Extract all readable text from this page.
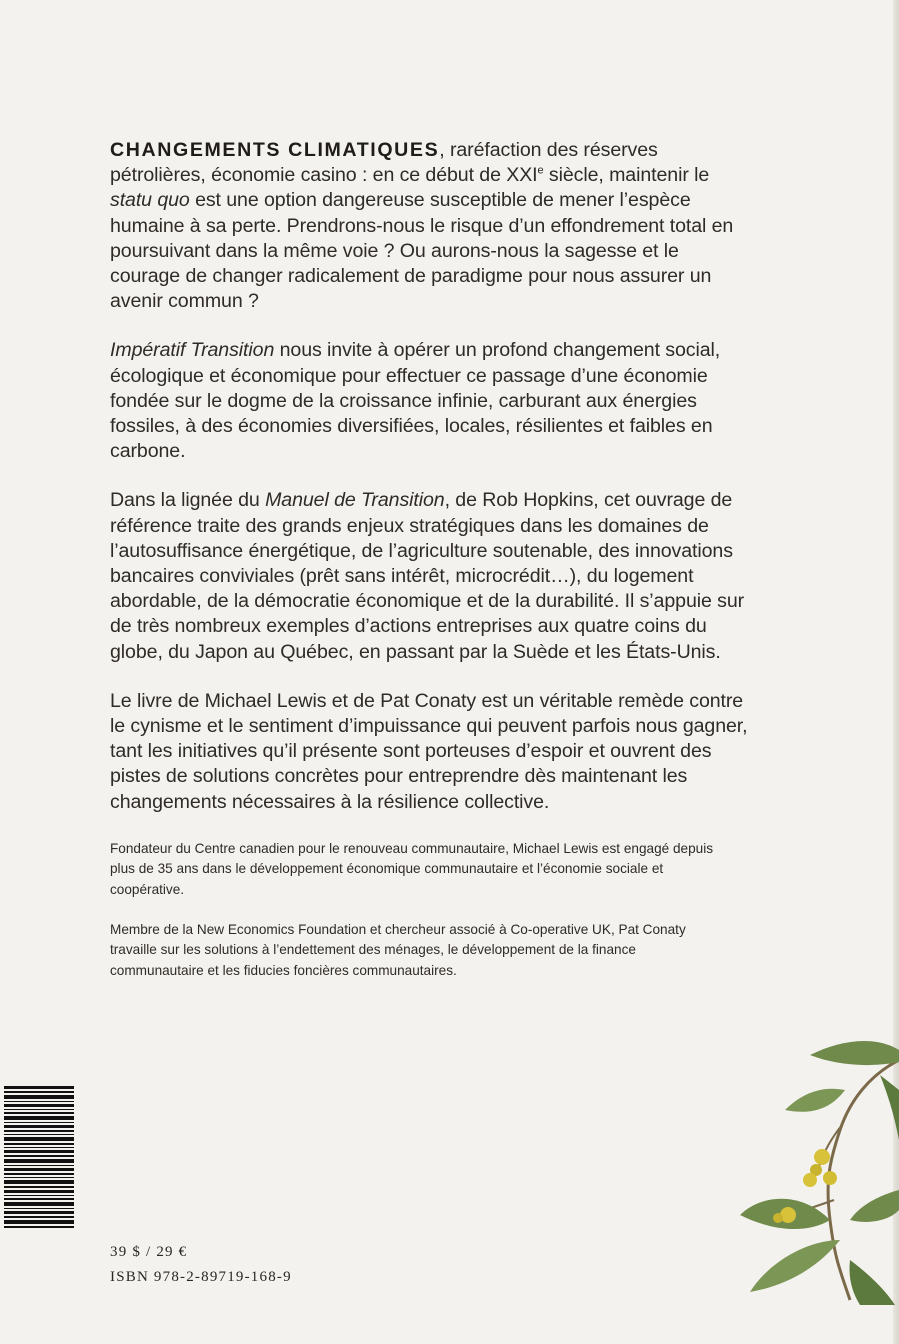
CHANGEMENTS CLIMATIQUES, raréfaction des réserves pétrolières, économie casino : en ce début de XXIe siècle, maintenir le statu quo est une option dangereuse susceptible de mener l’espèce humaine à sa perte. Prendrons-nous le risque d’un effondrement total en poursuivant dans la même voie ? Ou aurons-nous la sagesse et le courage de changer radicalement de paradigme pour nous assurer un avenir commun ?

Impératif Transition nous invite à opérer un profond changement social, écologique et économique pour effectuer ce passage d’une économie fondée sur le dogme de la croissance infinie, carburant aux énergies fossiles, à des économies diversifiées, locales, résilientes et faibles en carbone.

Dans la lignée du Manuel de Transition, de Rob Hopkins, cet ouvrage de référence traite des grands enjeux stratégiques dans les domaines de l’autosuffisance énergétique, de l’agriculture soutenable, des innovations bancaires conviviales (prêt sans intérêt, microcrédit…), du logement abordable, de la démocratie économique et de la durabilité. Il s’appuie sur de très nombreux exemples d’actions entreprises aux quatre coins du globe, du Japon au Québec, en passant par la Suède et les États-Unis.

Le livre de Michael Lewis et de Pat Conaty est un véritable remède contre le cynisme et le sentiment d’impuissance qui peuvent parfois nous gagner, tant les initiatives qu’il présente sont porteuses d’espoir et ouvrent des pistes de solutions concrètes pour entreprendre dès maintenant les changements nécessaires à la résilience collective.

Fondateur du Centre canadien pour le renouveau communautaire, Michael Lewis est engagé depuis plus de 35 ans dans le développement économique communautaire et l’économie sociale et coopérative.

Membre de la New Economics Foundation et chercheur associé à Co-operative UK, Pat Conaty travaille sur les solutions à l’endettement des ménages, le développement de la finance communautaire et les fiducies foncières communautaires.

39 $ / 29 €
ISBN 978-2-89719-168-9
